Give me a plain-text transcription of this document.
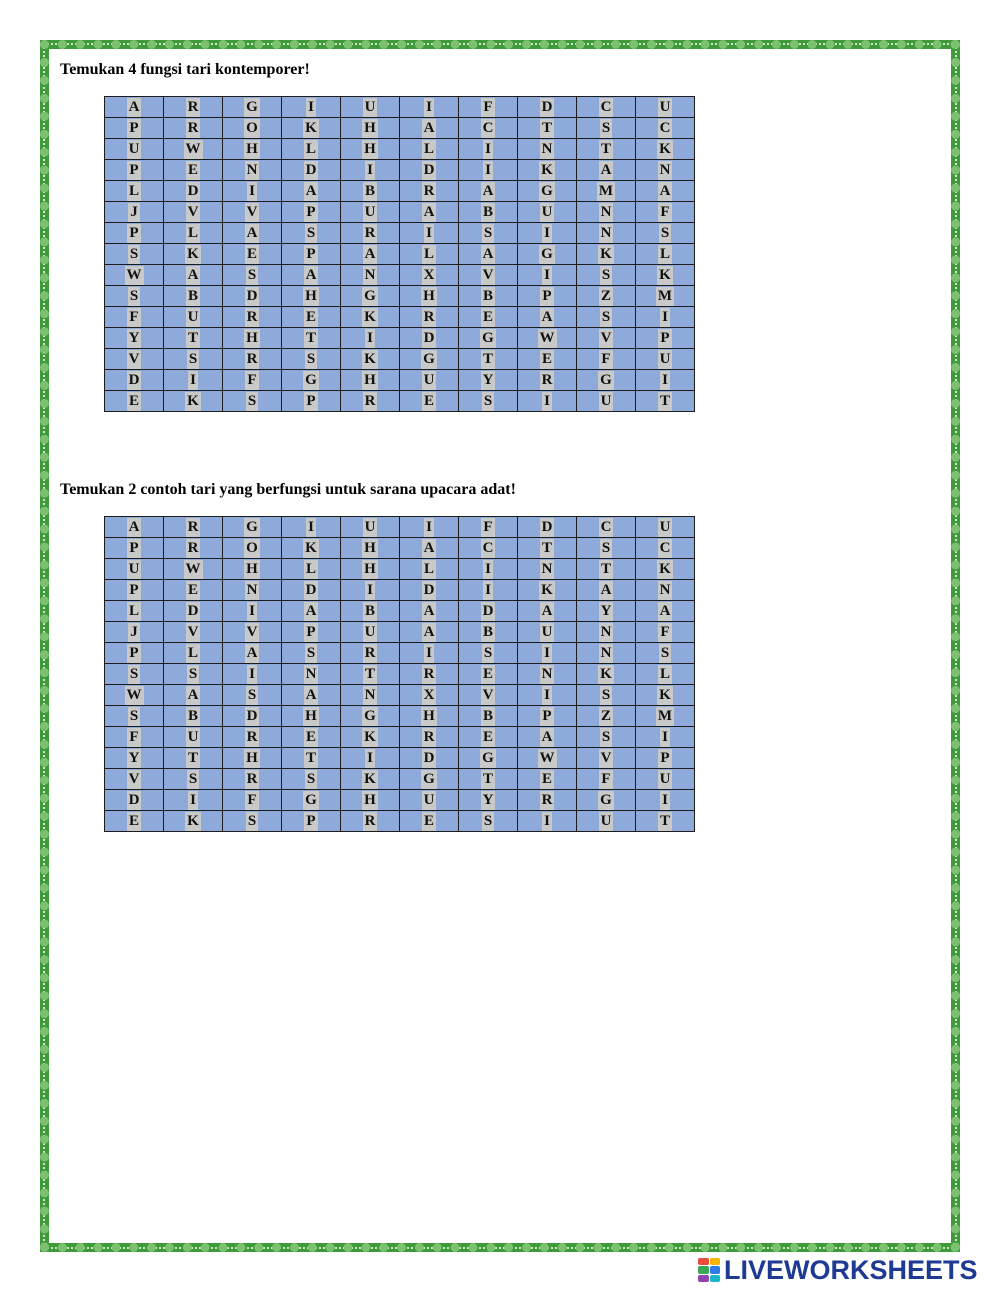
Temukan 4 fungsi tari kontemporer!
A	R	G	I	U	I	F	D	C	U
P	R	O	K	H	A	C	T	S	C
U	W	H	L	H	L	I	N	T	K
P	E	N	D	I	D	I	K	A	N
L	D	I	A	B	R	A	G	M	A
J	V	V	P	U	A	B	U	N	F
P	L	A	S	R	I	S	I	N	S
S	K	E	P	A	L	A	G	K	L
W	A	S	A	N	X	V	I	S	K
S	B	D	H	G	H	B	P	Z	M
F	U	R	E	K	R	E	A	S	I
Y	T	H	T	I	D	G	W	V	P
V	S	R	S	K	G	T	E	F	U
D	I	F	G	H	U	Y	R	G	I
E	K	S	P	R	E	S	I	U	T
Temukan 2 contoh tari yang berfungsi untuk sarana upacara adat!
A	R	G	I	U	I	F	D	C	U
P	R	O	K	H	A	C	T	S	C
U	W	H	L	H	L	I	N	T	K
P	E	N	D	I	D	I	K	A	N
L	D	I	A	B	A	D	A	Y	A
J	V	V	P	U	A	B	U	N	F
P	L	A	S	R	I	S	I	N	S
S	S	I	N	T	R	E	N	K	L
W	A	S	A	N	X	V	I	S	K
S	B	D	H	G	H	B	P	Z	M
F	U	R	E	K	R	E	A	S	I
Y	T	H	T	I	D	G	W	V	P
V	S	R	S	K	G	T	E	F	U
D	I	F	G	H	U	Y	R	G	I
E	K	S	P	R	E	S	I	U	T
LIVEWORKSHEETS
